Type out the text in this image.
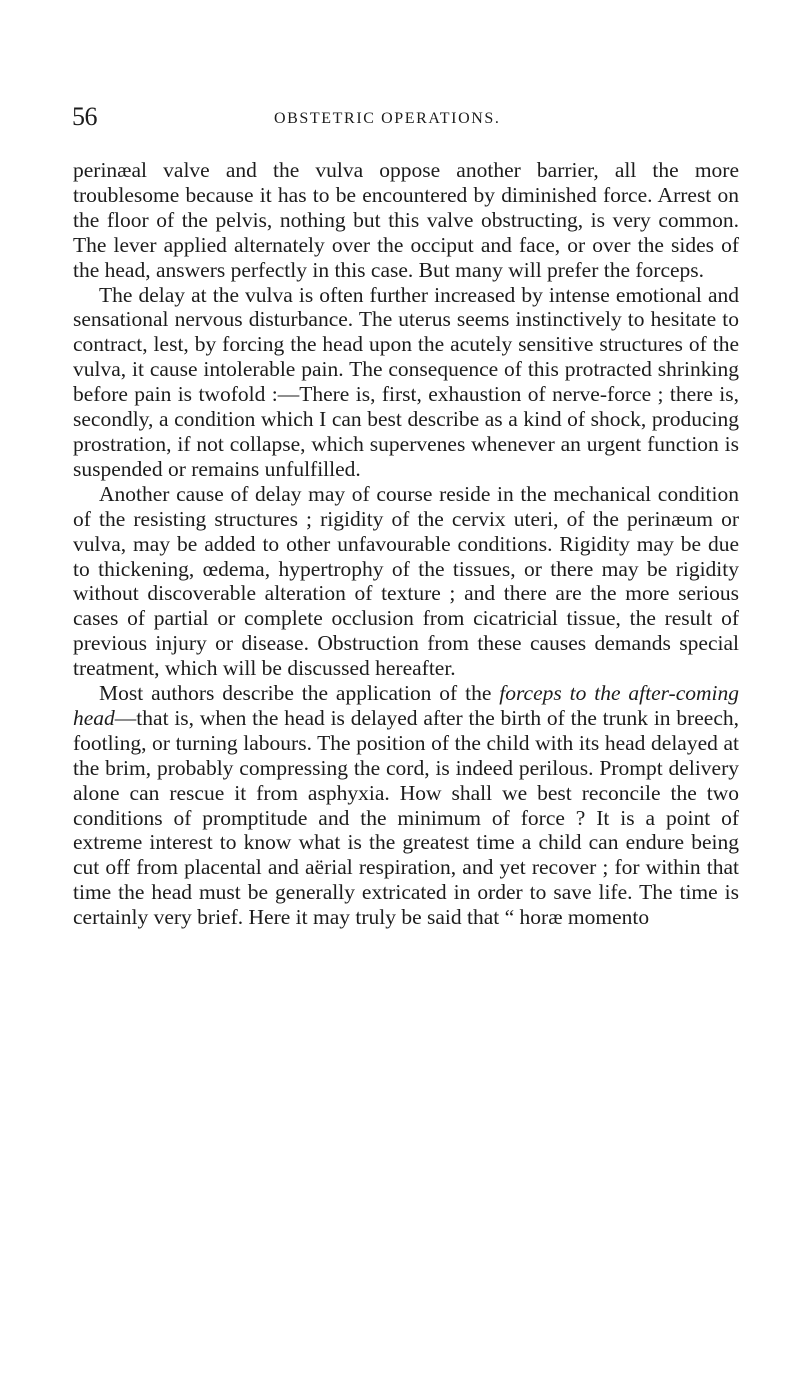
56	OBSTETRIC OPERATIONS.

perinæal valve and the vulva oppose another barrier, all the more troublesome because it has to be encountered by diminished force. Arrest on the floor of the pelvis, nothing but this valve obstructing, is very common. The lever applied alternately over the occiput and face, or over the sides of the head, answers perfectly in this case. But many will prefer the forceps.

The delay at the vulva is often further increased by intense emotional and sensational nervous disturbance. The uterus seems instinctively to hesitate to contract, lest, by forcing the head upon the acutely sensitive structures of the vulva, it cause intolerable pain. The consequence of this protracted shrinking before pain is twofold :—There is, first, exhaustion of nerve-force ; there is, secondly, a condition which I can best describe as a kind of shock, producing prostration, if not collapse, which supervenes whenever an urgent function is suspended or remains unfulfilled.

Another cause of delay may of course reside in the mechanical condition of the resisting structures ; rigidity of the cervix uteri, of the perinæum or vulva, may be added to other unfavourable conditions. Rigidity may be due to thickening, œdema, hypertrophy of the tissues, or there may be rigidity without discoverable alteration of texture ; and there are the more serious cases of partial or complete occlusion from cicatricial tissue, the result of previous injury or disease. Obstruction from these causes demands special treatment, which will be discussed hereafter.

Most authors describe the application of the forceps to the after-coming head—that is, when the head is delayed after the birth of the trunk in breech, footling, or turning labours. The position of the child with its head delayed at the brim, probably compressing the cord, is indeed perilous. Prompt delivery alone can rescue it from asphyxia. How shall we best reconcile the two conditions of promptitude and the minimum of force ? It is a point of extreme interest to know what is the greatest time a child can endure being cut off from placental and aërial respiration, and yet recover ; for within that time the head must be generally extricated in order to save life. The time is certainly very brief. Here it may truly be said that “ horæ momento
